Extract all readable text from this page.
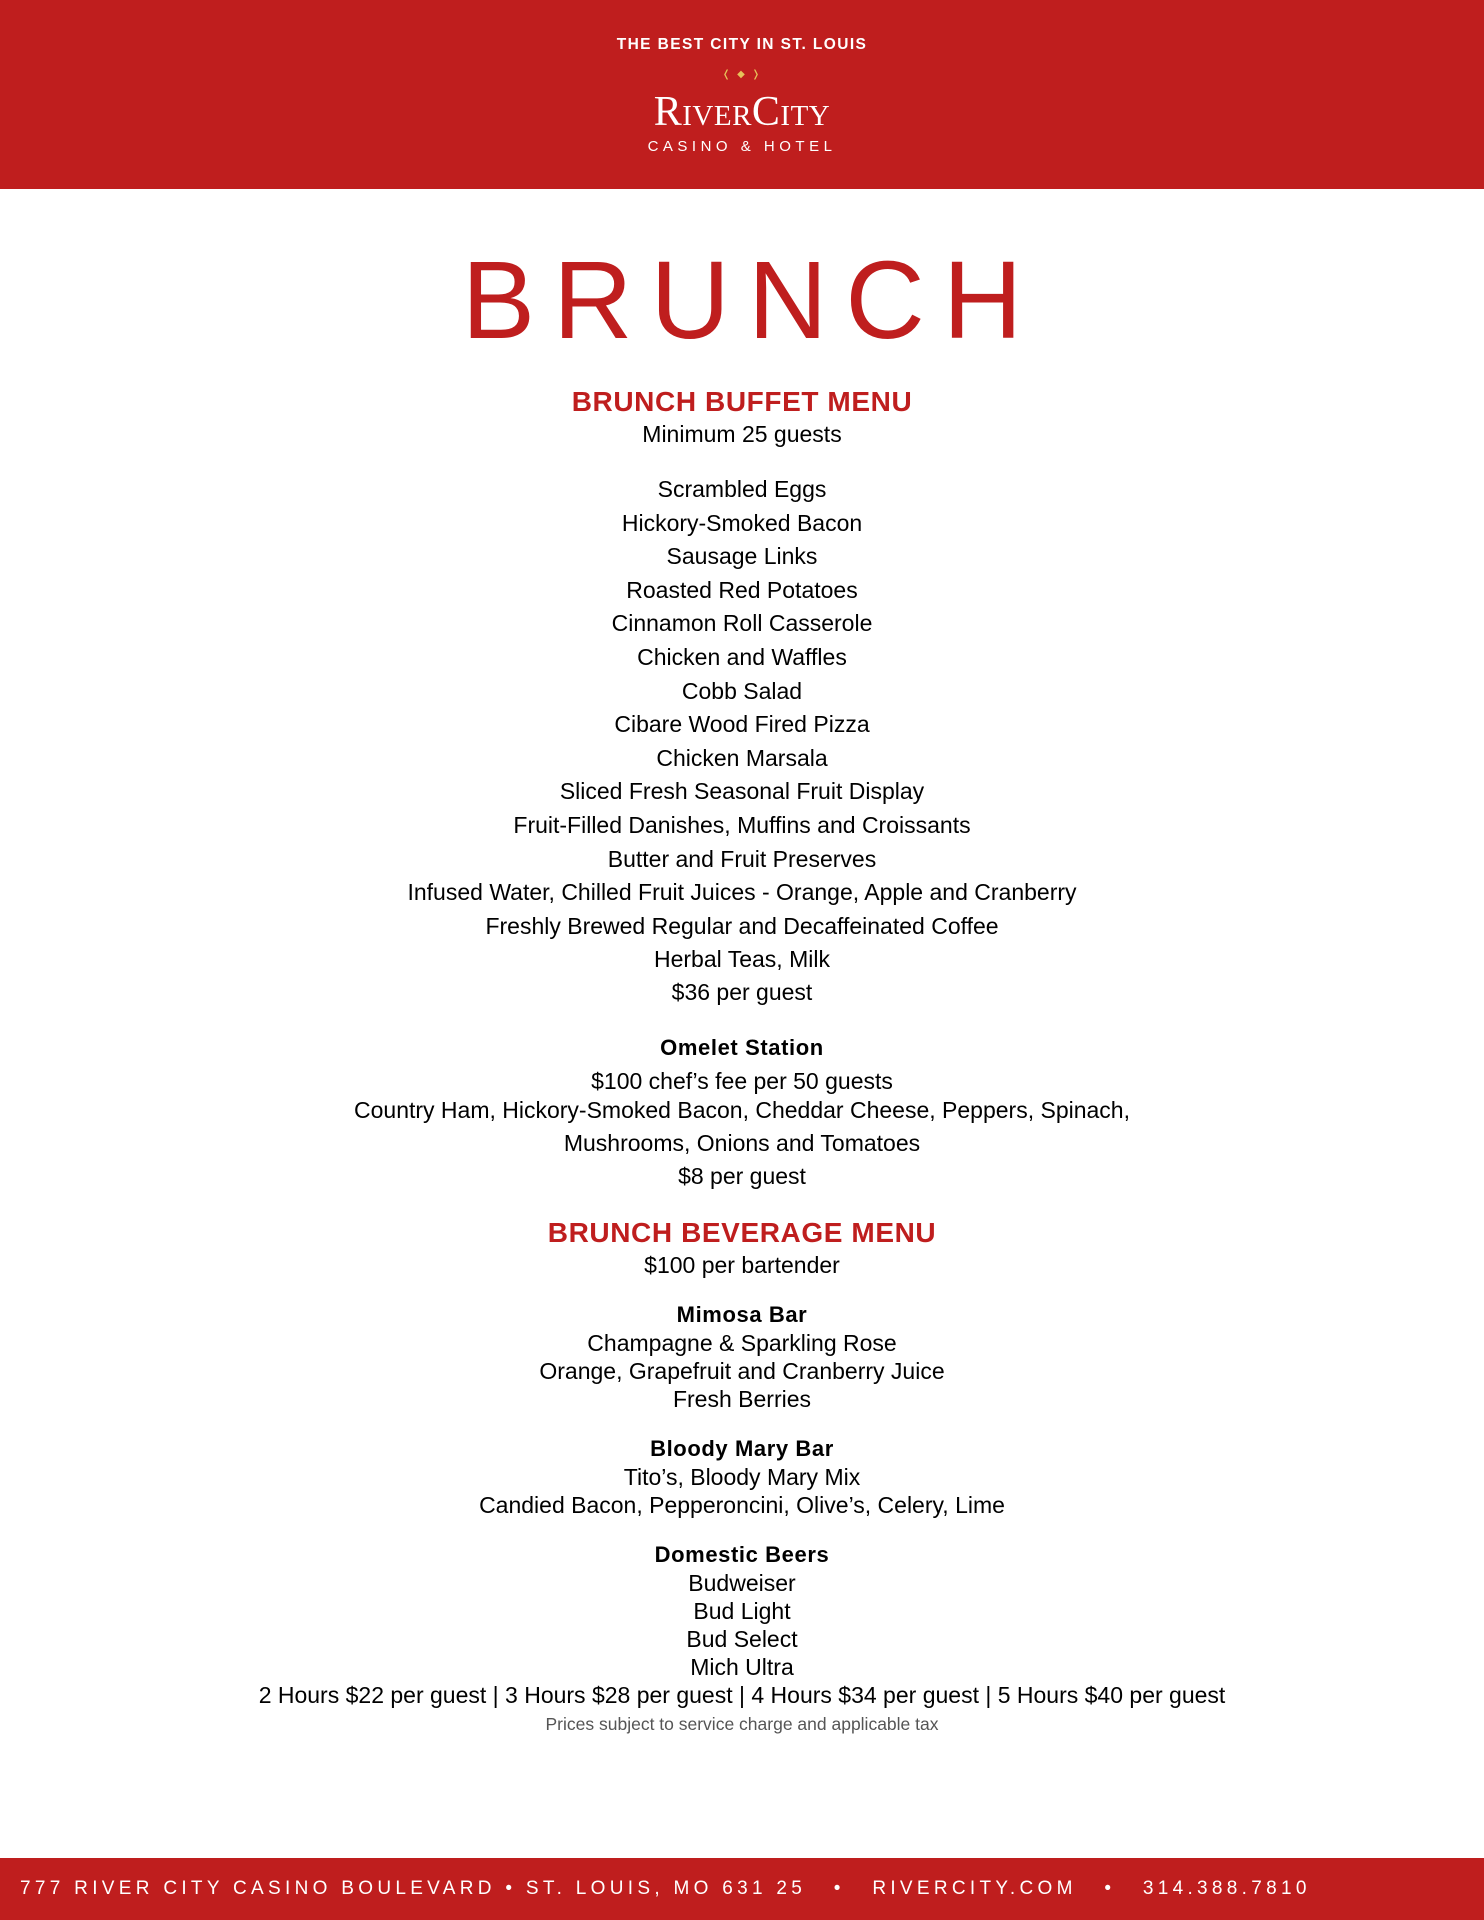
THE BEST CITY IN ST. LOUIS
❬ ◆ ❭
RiverCity
CASINO & HOTEL
BRUNCH
BRUNCH BUFFET MENU
Minimum 25 guests
Scrambled Eggs
Hickory-Smoked Bacon
Sausage Links
Roasted Red Potatoes
Cinnamon Roll Casserole
Chicken and Waffles
Cobb Salad
Cibare Wood Fired Pizza
Chicken Marsala
Sliced Fresh Seasonal Fruit Display
Fruit-Filled Danishes, Muffins and Croissants
Butter and Fruit Preserves
Infused Water, Chilled Fruit Juices - Orange, Apple and Cranberry
Freshly Brewed Regular and Decaffeinated Coffee
Herbal Teas, Milk
$36 per guest
Omelet Station
$100 chef’s fee per 50 guests
Country Ham, Hickory-Smoked Bacon, Cheddar Cheese, Peppers, Spinach,
Mushrooms, Onions and Tomatoes
$8 per guest
BRUNCH BEVERAGE MENU
$100 per bartender
Mimosa Bar
Champagne & Sparkling Rose
Orange, Grapefruit and Cranberry Juice
Fresh Berries
Bloody Mary Bar
Tito’s, Bloody Mary Mix
Candied Bacon, Pepperoncini, Olive’s, Celery, Lime
Domestic Beers
Budweiser
Bud Light
Bud Select
Mich Ultra
2 Hours $22 per guest | 3 Hours $28 per guest | 4 Hours $34 per guest | 5 Hours $40 per guest
Prices subject to service charge and applicable tax
777 RIVER CITY CASINO BOULEVARD • ST. LOUIS, MO 631 25 • RIVERCITY.COM • 314.388.7810
